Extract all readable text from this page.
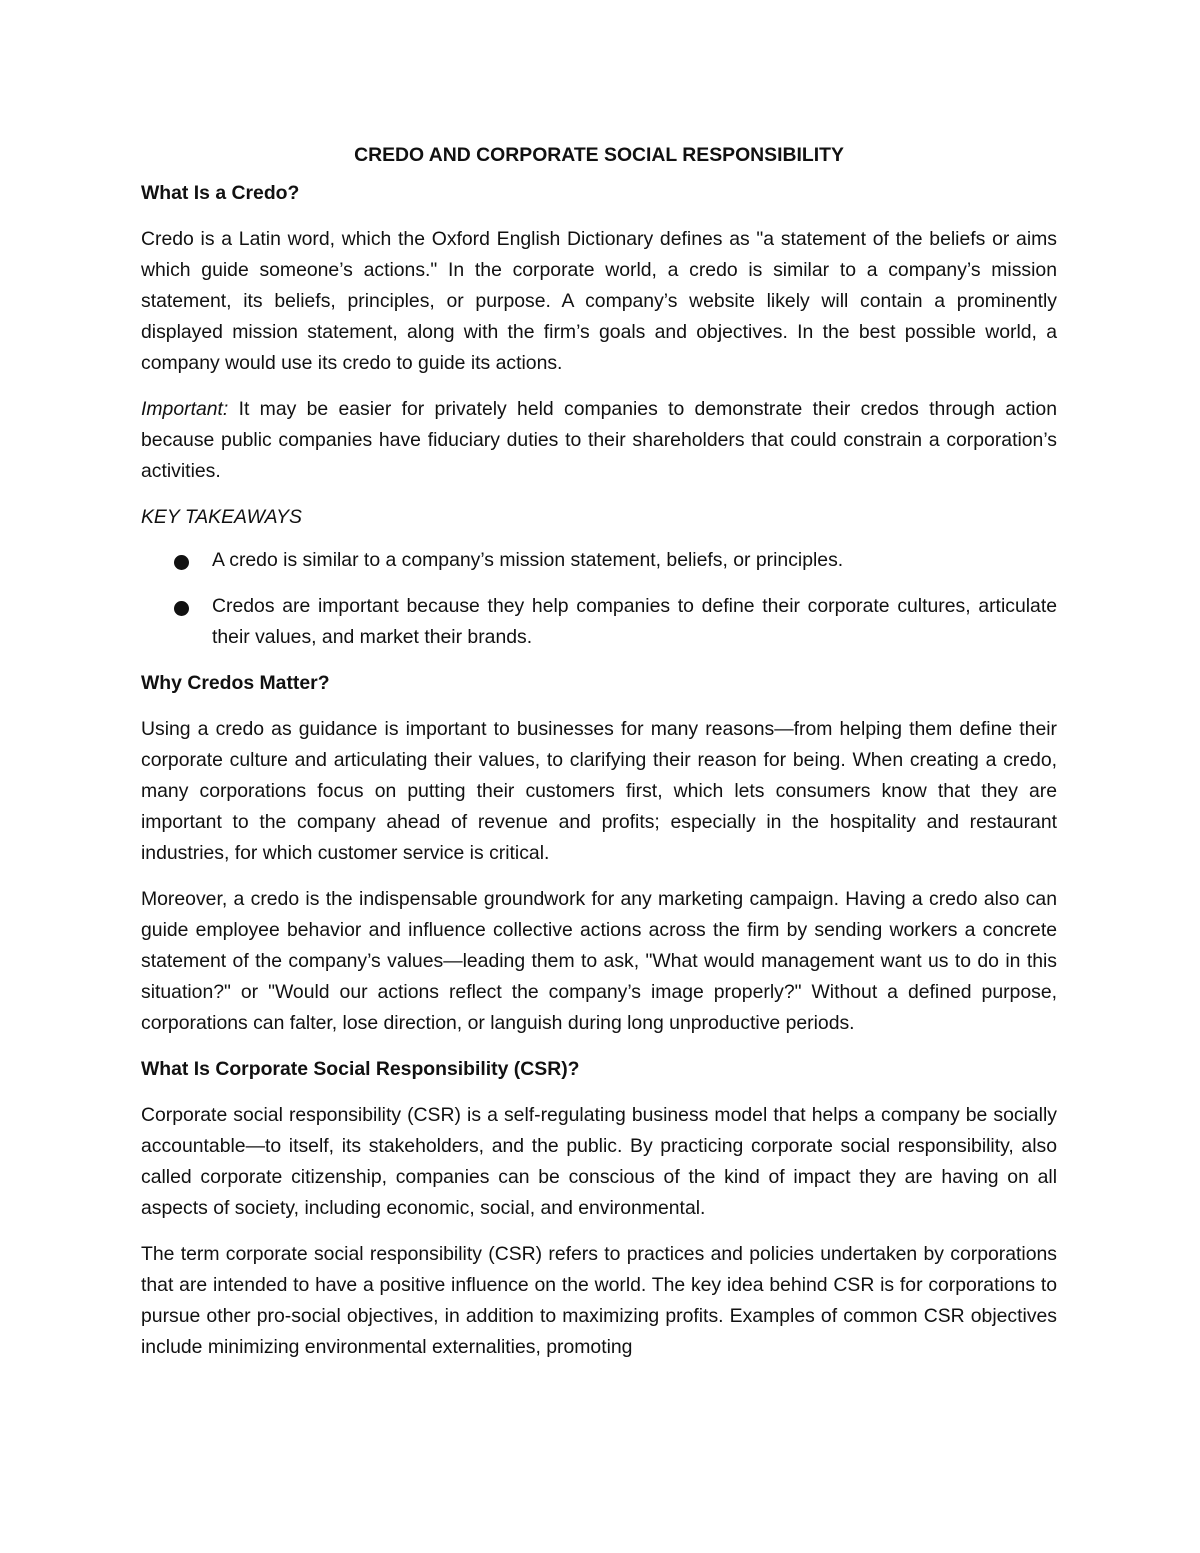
CREDO AND CORPORATE SOCIAL RESPONSIBILITY
What Is a Credo?

Credo is a Latin word, which the Oxford English Dictionary defines as "a statement of the beliefs or aims which guide someone’s actions." In the corporate world, a credo is similar to a company’s mission statement, its beliefs, principles, or purpose. A company’s website likely will contain a prominently displayed mission statement, along with the firm’s goals and objectives. In the best possible world, a company would use its credo to guide its actions.

Important: It may be easier for privately held companies to demonstrate their credos through action because public companies have fiduciary duties to their shareholders that could constrain a corporation’s activities.

KEY TAKEAWAYS
A credo is similar to a company’s mission statement, beliefs, or principles.
Credos are important because they help companies to define their corporate cultures, articulate their values, and market their brands.
Why Credos Matter?

Using a credo as guidance is important to businesses for many reasons—from helping them define their corporate culture and articulating their values, to clarifying their reason for being. When creating a credo, many corporations focus on putting their customers first, which lets consumers know that they are important to the company ahead of revenue and profits; especially in the hospitality and restaurant industries, for which customer service is critical.

Moreover, a credo is the indispensable groundwork for any marketing campaign. Having a credo also can guide employee behavior and influence collective actions across the firm by sending workers a concrete statement of the company’s values—leading them to ask, "What would management want us to do in this situation?" or "Would our actions reflect the company’s image properly?" Without a defined purpose, corporations can falter, lose direction, or languish during long unproductive periods.

What Is Corporate Social Responsibility (CSR)?

Corporate social responsibility (CSR) is a self-regulating business model that helps a company be socially accountable—to itself, its stakeholders, and the public. By practicing corporate social responsibility, also called corporate citizenship, companies can be conscious of the kind of impact they are having on all aspects of society, including economic, social, and environmental.

The term corporate social responsibility (CSR) refers to practices and policies undertaken by corporations that are intended to have a positive influence on the world. The key idea behind CSR is for corporations to pursue other pro-social objectives, in addition to maximizing profits. Examples of common CSR objectives include minimizing environmental externalities, promoting
